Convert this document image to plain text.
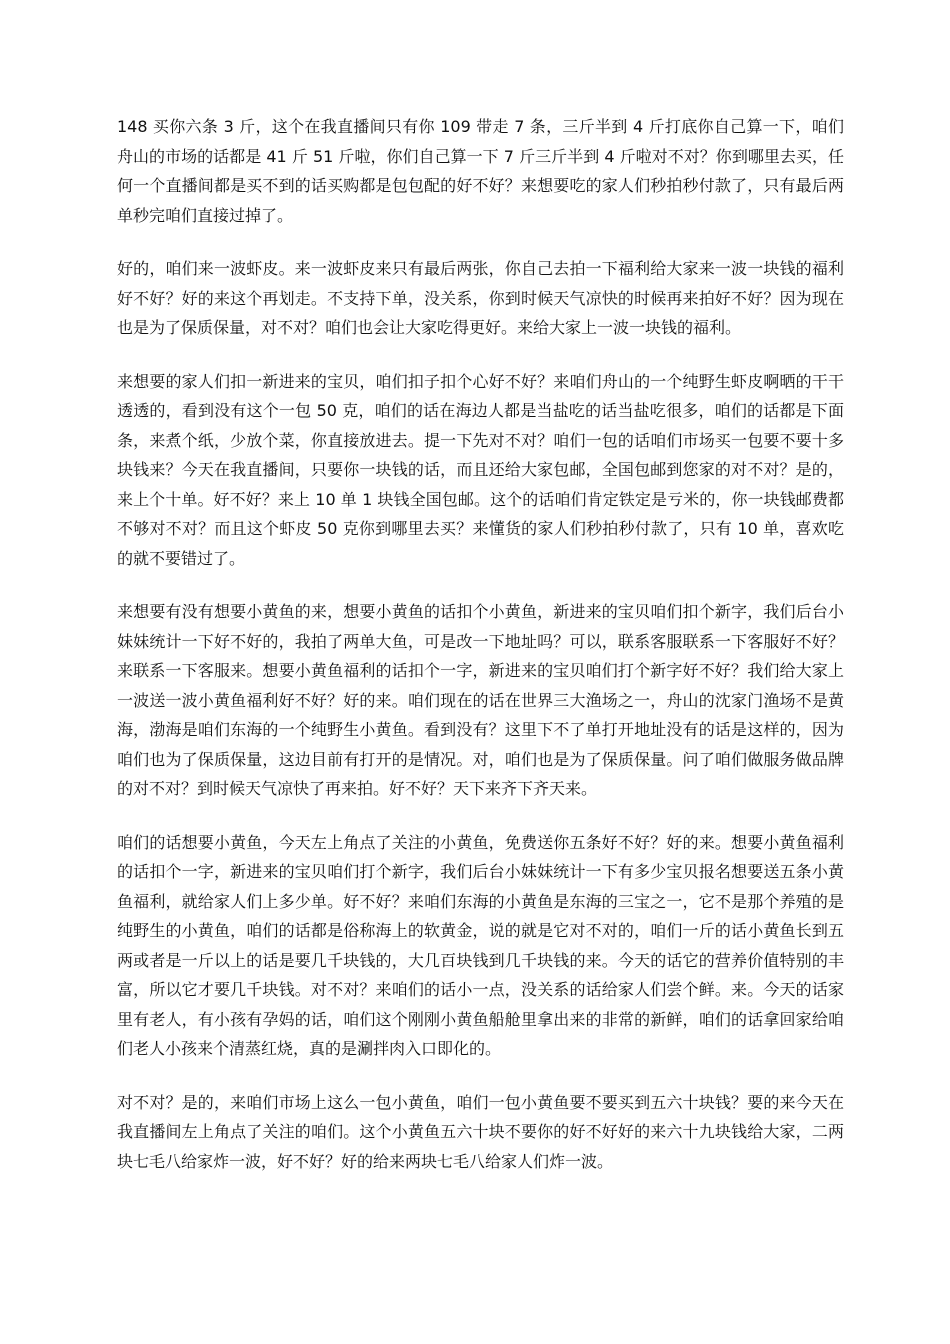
148 买你六条 3 斤，这个在我直播间只有你 109 带走 7 条，三斤半到 4 斤打底你自己算一下，咱们舟山的市场的话都是 41 斤 51 斤啦，你们自己算一下 7 斤三斤半到 4 斤啦对不对？你到哪里去买，任何一个直播间都是买不到的话买购都是包包配的好不好？来想要吃的家人们秒拍秒付款了，只有最后两单秒完咱们直接过掉了。

好的，咱们来一波虾皮。来一波虾皮来只有最后两张，你自己去拍一下福利给大家来一波一块钱的福利好不好？好的来这个再划走。不支持下单，没关系，你到时候天气凉快的时候再来拍好不好？因为现在也是为了保质保量，对不对？咱们也会让大家吃得更好。来给大家上一波一块钱的福利。

来想要的家人们扣一新进来的宝贝，咱们扣子扣个心好不好？来咱们舟山的一个纯野生虾皮啊晒的干干透透的，看到没有这个一包 50 克，咱们的话在海边人都是当盐吃的话当盐吃很多，咱们的话都是下面条，来煮个纸，少放个菜，你直接放进去。提一下先对不对？咱们一包的话咱们市场买一包要不要十多块钱来？今天在我直播间，只要你一块钱的话，而且还给大家包邮，全国包邮到您家的对不对？是的，来上个十单。好不好？来上 10 单 1 块钱全国包邮。这个的话咱们肯定铁定是亏米的，你一块钱邮费都不够对不对？而且这个虾皮 50 克你到哪里去买？来懂货的家人们秒拍秒付款了，只有 10 单，喜欢吃的就不要错过了。

来想要有没有想要小黄鱼的来，想要小黄鱼的话扣个小黄鱼，新进来的宝贝咱们扣个新字，我们后台小妹妹统计一下好不好的，我拍了两单大鱼，可是改一下地址吗？可以，联系客服联系一下客服好不好？来联系一下客服来。想要小黄鱼福利的话扣个一字，新进来的宝贝咱们打个新字好不好？我们给大家上一波送一波小黄鱼福利好不好？好的来。咱们现在的话在世界三大渔场之一，舟山的沈家门渔场不是黄海，渤海是咱们东海的一个纯野生小黄鱼。看到没有？这里下不了单打开地址没有的话是这样的，因为咱们也为了保质保量，这边目前有打开的是情况。对，咱们也是为了保质保量。问了咱们做服务做品牌的对不对？到时候天气凉快了再来拍。好不好？天下来齐下齐天来。

咱们的话想要小黄鱼，今天左上角点了关注的小黄鱼，免费送你五条好不好？好的来。想要小黄鱼福利的话扣个一字，新进来的宝贝咱们打个新字，我们后台小妹妹统计一下有多少宝贝报名想要送五条小黄鱼福利，就给家人们上多少单。好不好？来咱们东海的小黄鱼是东海的三宝之一，它不是那个养殖的是纯野生的小黄鱼，咱们的话都是俗称海上的软黄金，说的就是它对不对的，咱们一斤的话小黄鱼长到五两或者是一斤以上的话是要几千块钱的，大几百块钱到几千块钱的来。今天的话它的营养价值特别的丰富，所以它才要几千块钱。对不对？来咱们的话小一点，没关系的话给家人们尝个鲜。来。今天的话家里有老人，有小孩有孕妈的话，咱们这个刚刚小黄鱼船舱里拿出来的非常的新鲜，咱们的话拿回家给咱们老人小孩来个清蒸红烧，真的是涮拌肉入口即化的。

对不对？是的，来咱们市场上这么一包小黄鱼，咱们一包小黄鱼要不要买到五六十块钱？要的来今天在我直播间左上角点了关注的咱们。这个小黄鱼五六十块不要你的好不好好的来六十九块钱给大家，二两块七毛八给家炸一波，好不好？好的给来两块七毛八给家人们炸一波。
